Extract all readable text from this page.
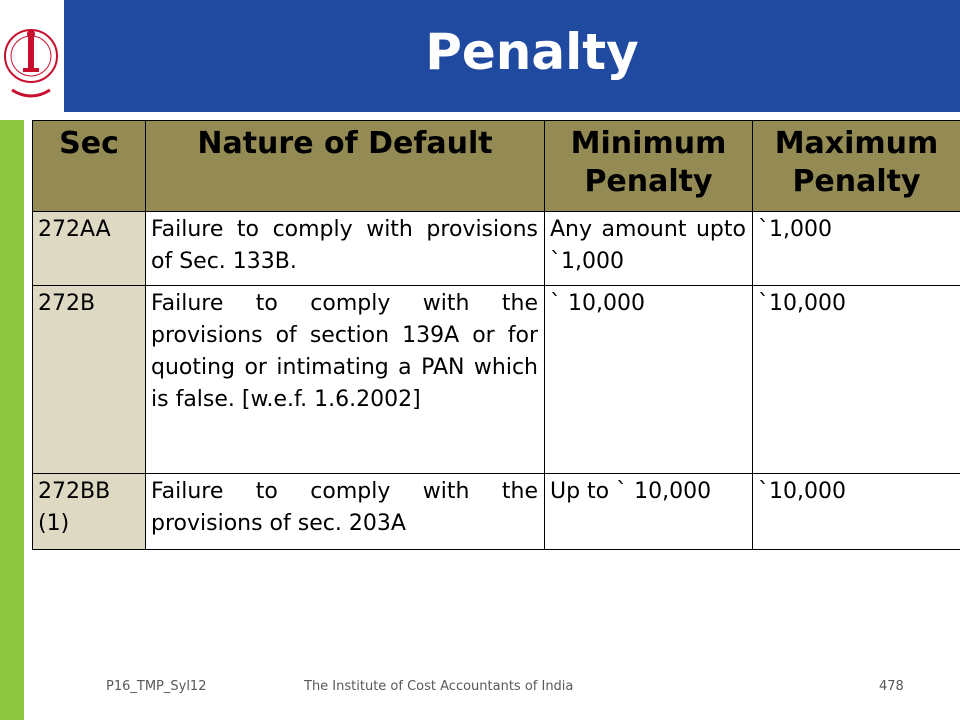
Penalty
Sec	Nature of Default	Minimum Penalty	Maximum Penalty
272AA	Failure to comply with provisions of Sec. 133B.	Any amount upto `1,000	`1,000
272B	Failure to comply with the provisions of section 139A or for quoting or intimating a PAN which is false. [w.e.f. 1.6.2002]	` 10,000	`10,000
272BB(1)	Failure to comply with the provisions of sec. 203A	Up to ` 10,000	`10,000
P16_TMP_Syl12	The Institute of Cost Accountants of India	478
